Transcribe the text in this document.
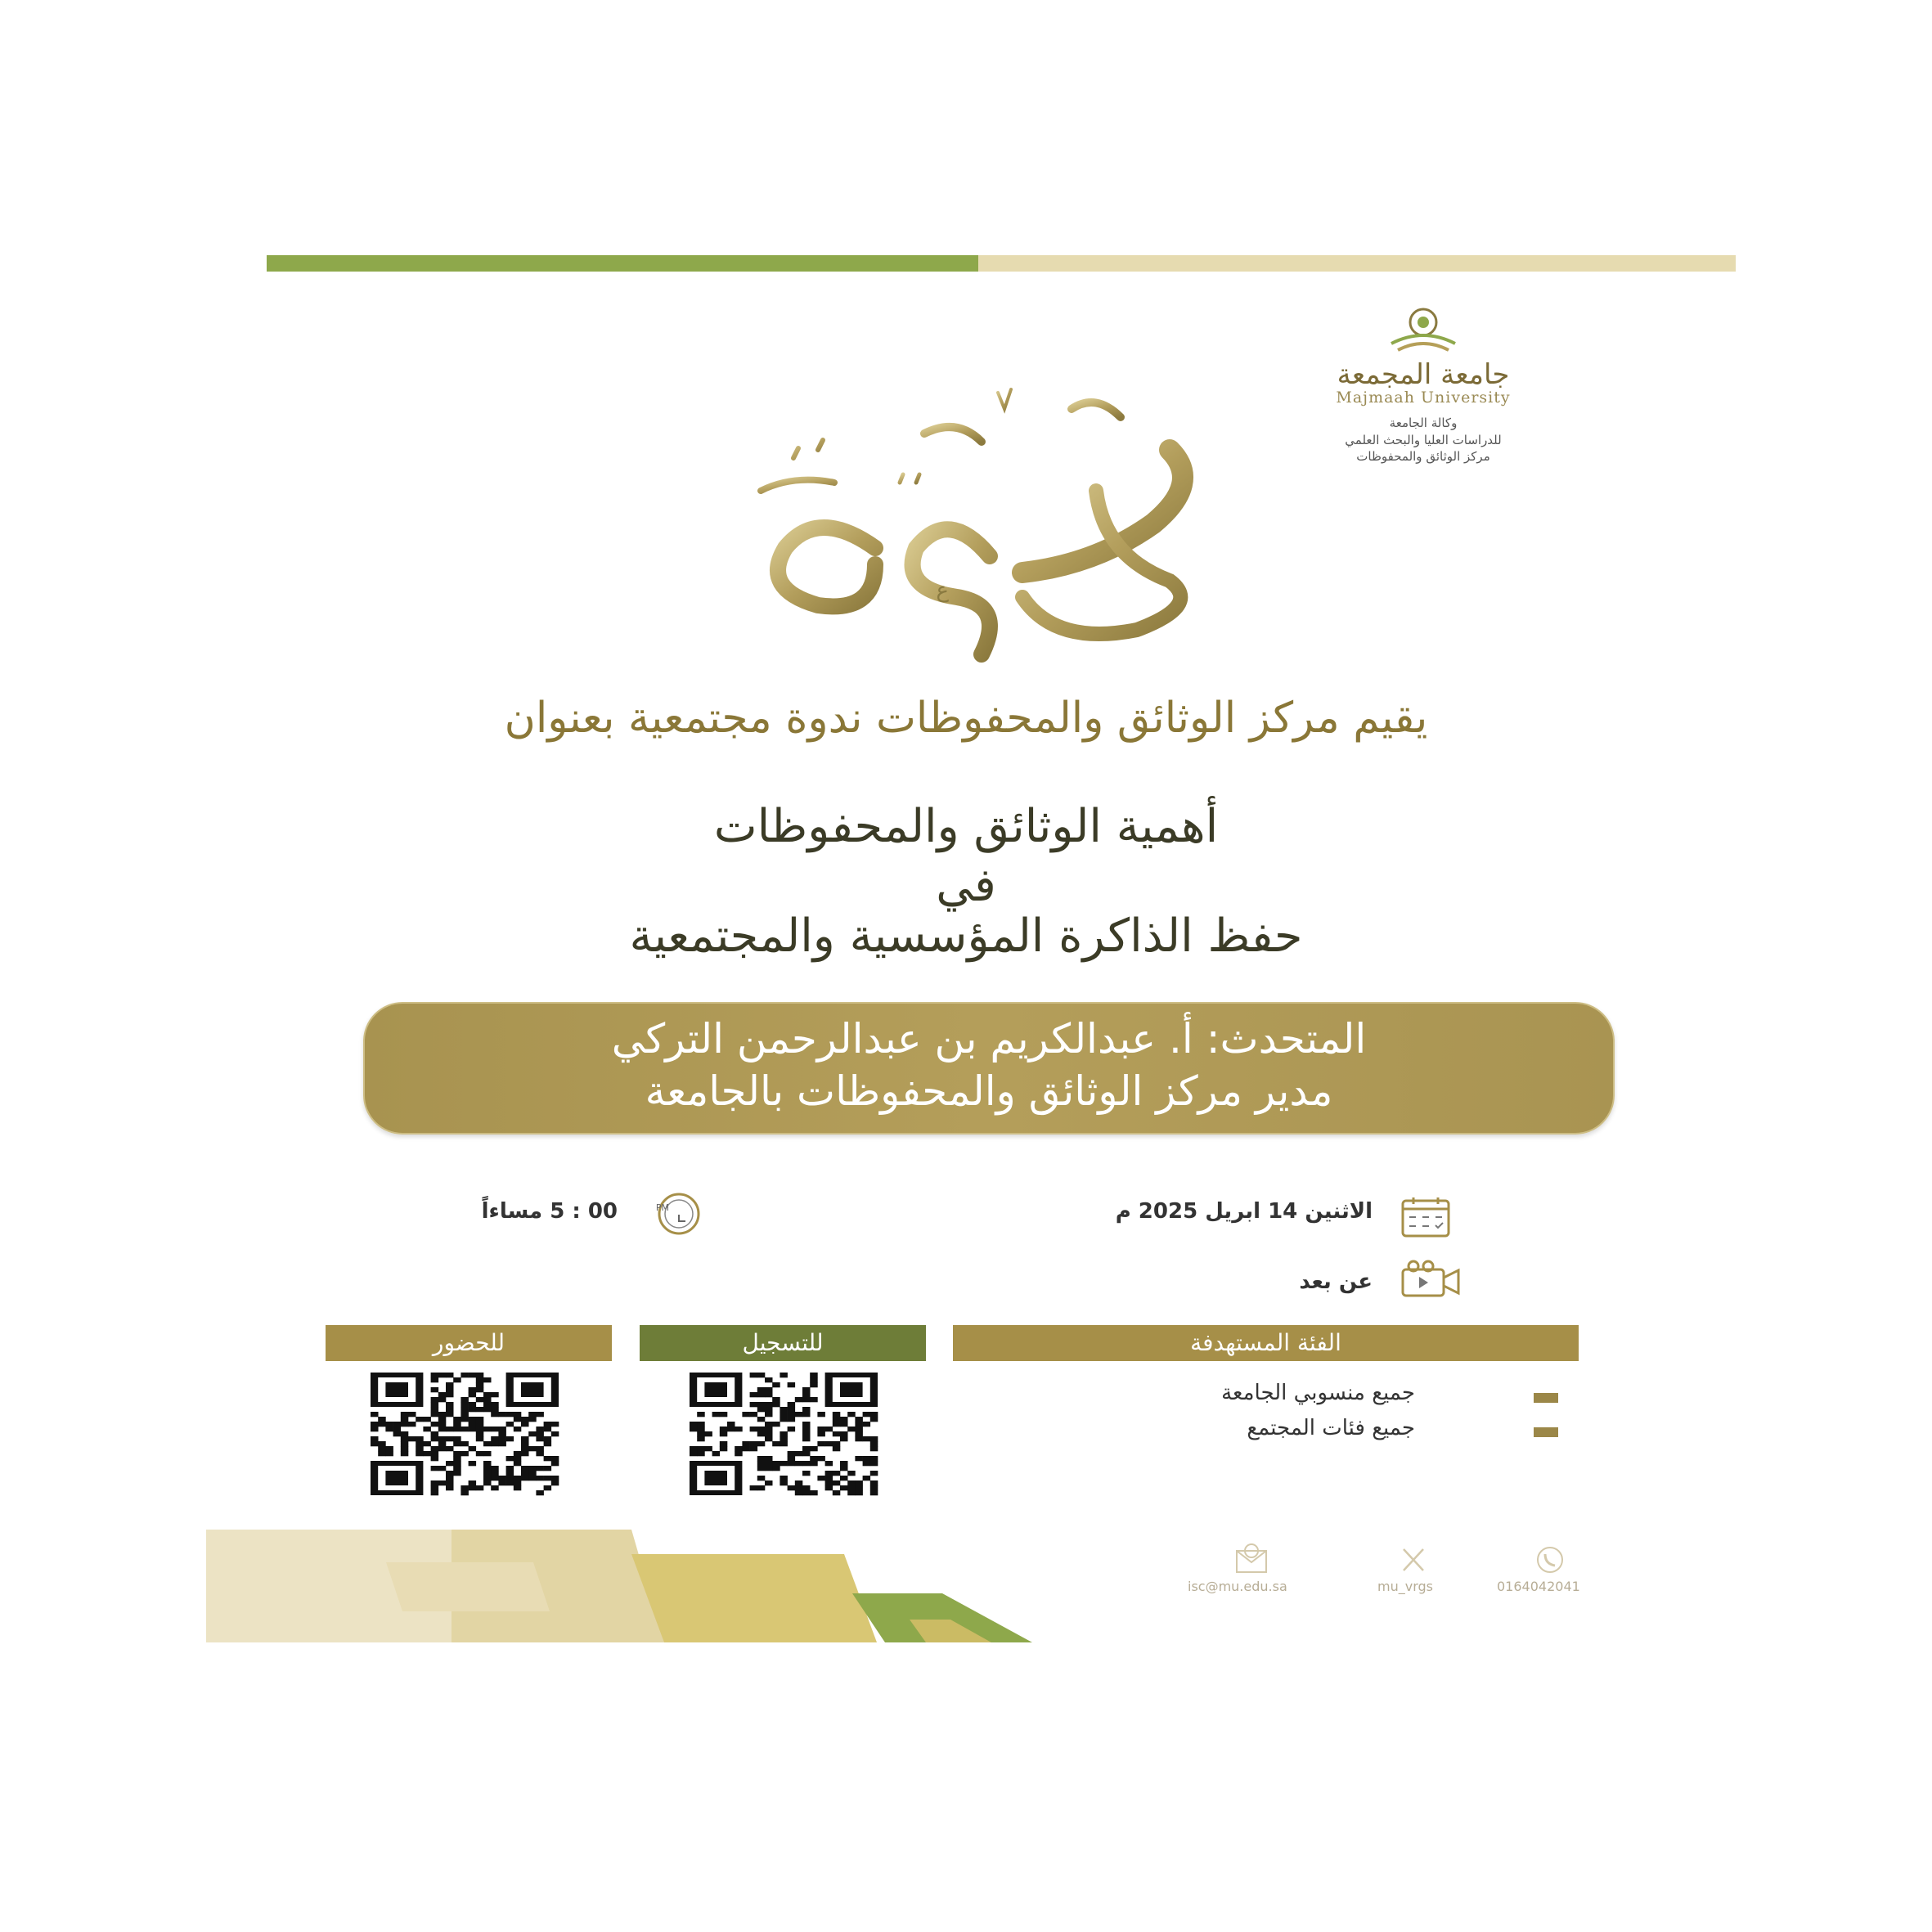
جامعة المجمعة
Majmaah University
وكالة الجامعة
للدراسات العليا والبحث العلمي
مركز الوثائق والمحفوظات
ع
دعوة
يقيم مركز الوثائق والمحفوظات ندوة مجتمعية بعنوان
أهمية الوثائق والمحفوظات
في
حفظ الذاكرة المؤسسية والمجتمعية
المتحدث: أ. عبدالكريم بن عبدالرحمن التركي
مدير مركز الوثائق والمحفوظات بالجامعة
الاثنين 14 ابريل 2025 م
PM
00 : 5 مساءاً
عن بعد
الفئة المستهدفة
للتسجيل
للحضور
جميع منسوبي الجامعة
جميع فئات المجتمع
isc@mu.edu.sa	mu_vrgs	0164042041
